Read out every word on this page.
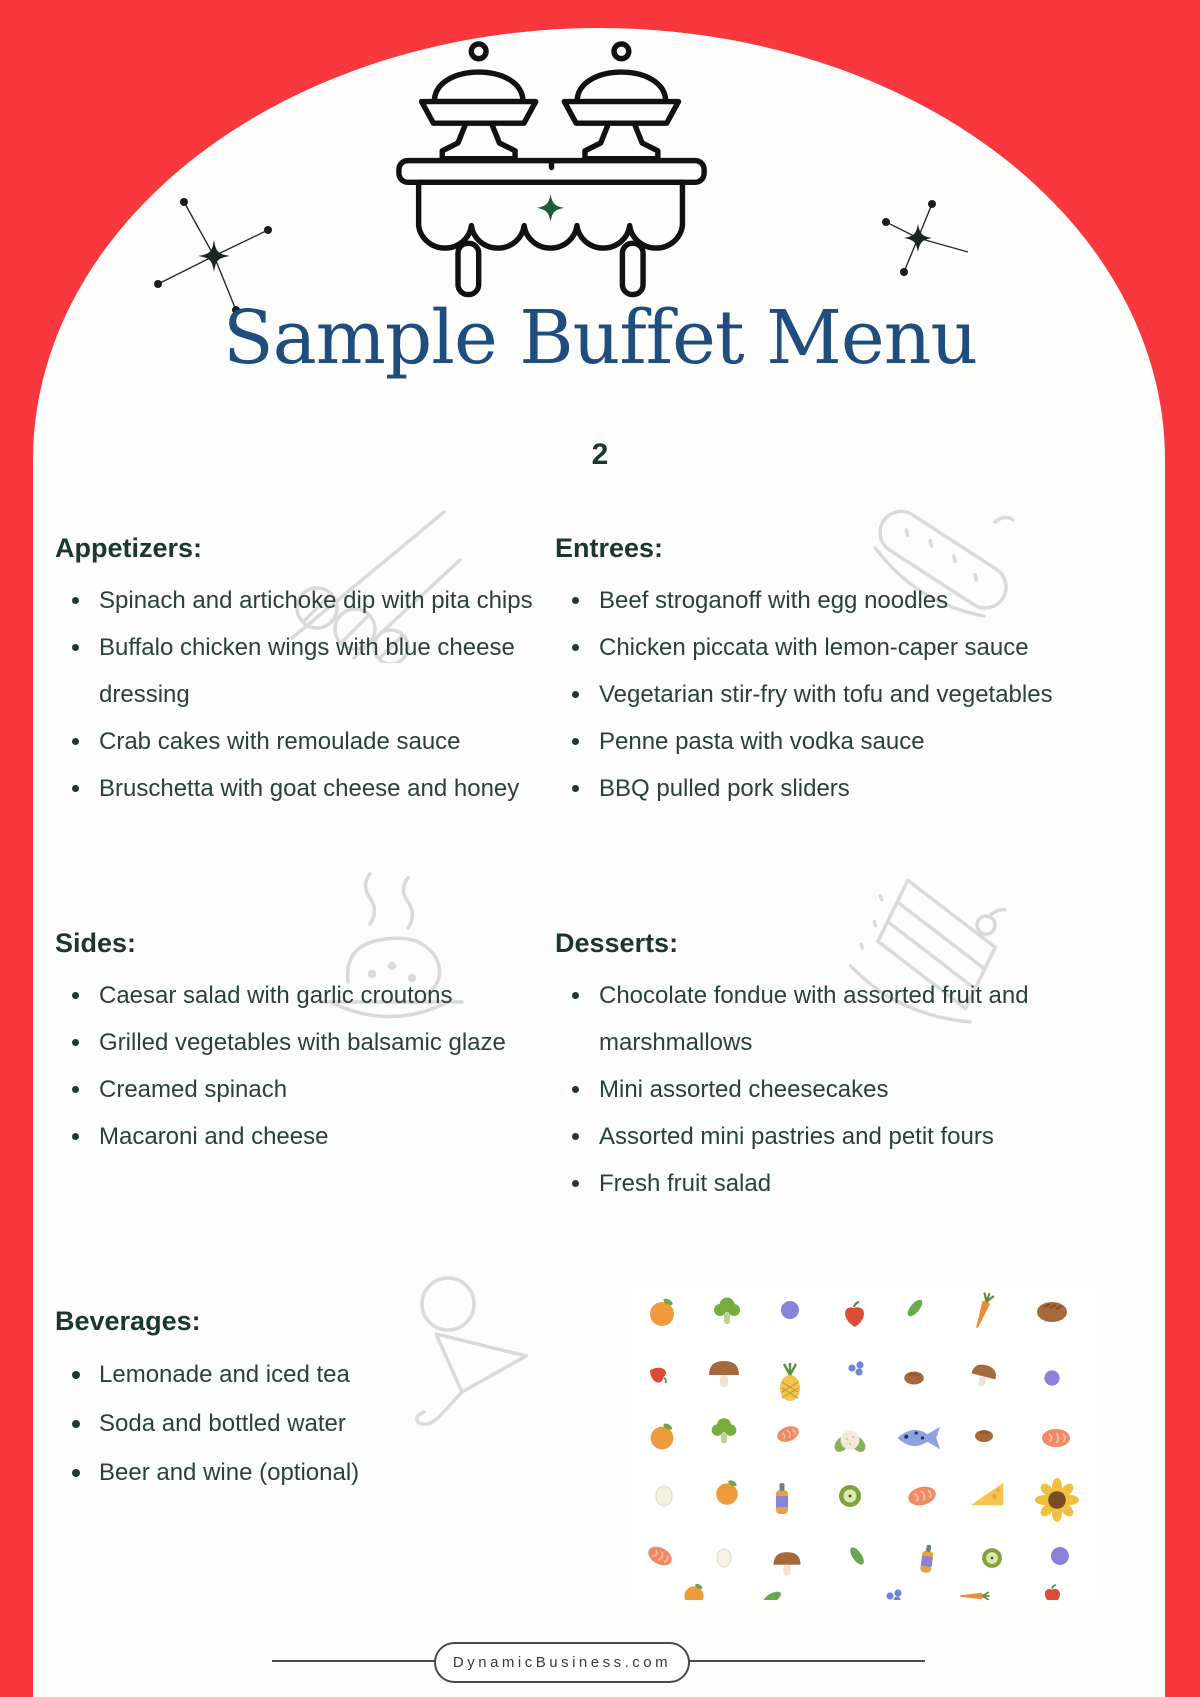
Sample Buffet Menu
2
Appetizers:
Spinach and artichoke dip with pita chips
Buffalo chicken wings with blue cheese dressing
Crab cakes with remoulade sauce
Bruschetta with goat cheese and honey
Entrees:
Beef stroganoff with egg noodles
Chicken piccata with lemon-caper sauce
Vegetarian stir-fry with tofu and vegetables
Penne pasta with vodka sauce
BBQ pulled pork sliders
Sides:
Caesar salad with garlic croutons
Grilled vegetables with balsamic glaze
Creamed spinach
Macaroni and cheese
Desserts:
Chocolate fondue with assorted fruit and marshmallows
Mini assorted cheesecakes
Assorted mini pastries and petit fours
Fresh fruit salad
Beverages:
Lemonade and iced tea
Soda and bottled water
Beer and wine (optional)
DynamicBusiness.com
